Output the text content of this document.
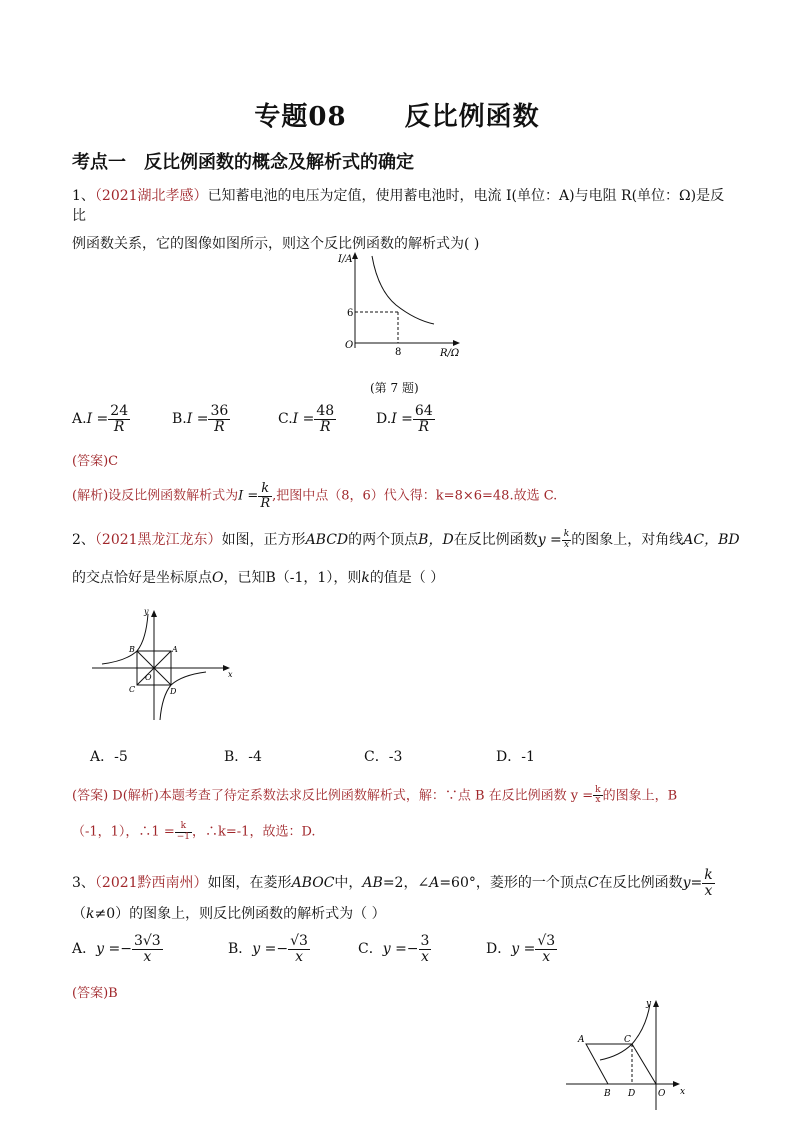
专题08 反比例函数
考点一 反比例函数的概念及解析式的确定
1、（2021湖北孝感）已知蓄电池的电压为定值，使用蓄电池时，电流 I(单位：A)与电阻 R(单位：Ω)是反比
例函数关系，它的图像如图所示，则这个反比例函数的解析式为( )
I/A
R/Ω
O
6
8
(第 7 题)
$A.I = \frac{24}{R}$	$B.I = \frac{36}{R}$	$C.I = \frac{48}{R}$	$D.I = \frac{64}{R}$
(答案)C
(解析)设反比例函数解析式为$I = \frac{k}{R}$ ,把图中点（8，6）代入得：k=8×6=48.故选 C.
2、（2021黑龙江龙东）如图，正方形ABCD的两个顶点B，D在反比例函数$y = \frac{k}{x}$ 的图象上，对角线AC，BD
的交点恰好是坐标原点O，已知B（-1，1），则k的值是（ ）
y
x
A
B
C	D
O
A．-5	B．-4	C．-3	D．-1
(答案) D(解析)本题考查了待定系数法求反比例函数解析式，解：∵点 B 在反比例函数 $y = \frac{k}{x}$ 的图象上，B
（-1，1），∴1 = $\frac{k}{-1}$ ，∴k=-1，故选：D.
3、（2021黔西南州）如图，在菱形ABOC中，AB=2，∠A=60°，菱形的一个顶点C在反比例函数$y= \frac{k}{x}$
（k≠0）的图象上，则反比例函数的解析式为（ ）
A．$y =- \frac{3√3}{x}$	B．$y =- \frac{√3}{x}$	C．$y =- \frac{3}{x}$	D．$y = \frac{√3}{x}$
(答案)B
y
x
A
B
C
D	O
